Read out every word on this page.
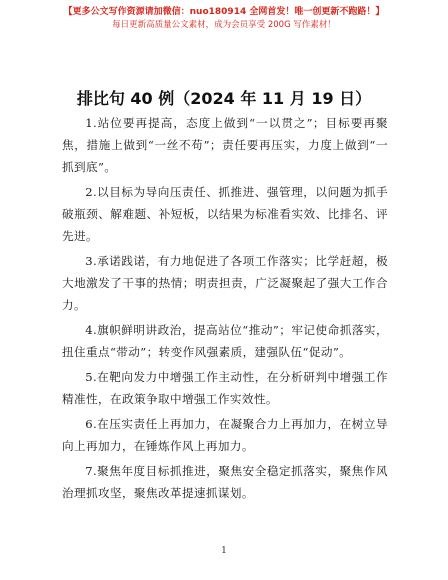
【更多公文写作资源请加微信：nuo180914 全网首发！唯一创更新不跑路！】
每日更新高质量公文素材，成为会员享受 200G 写作素材！
排比句 40 例（2024 年 11 月 19 日）

1.站位要再提高，态度上做到“一以贯之”；目标要再聚焦，措施上做到“一丝不苟”；责任要再压实，力度上做到“一抓到底”。

2.以目标为导向压责任、抓推进、强管理，以问题为抓手破瓶颈、解难题、补短板，以结果为标准看实效、比排名、评先进。

3.承诺践诺，有力地促进了各项工作落实；比学赶超，极大地激发了干事的热情；明责担责，广泛凝聚起了强大工作合力。

4.旗帜鲜明讲政治，提高站位“推动”；牢记使命抓落实，扭住重点“带动”；转变作风强素质，建强队伍“促动”。

5.在靶向发力中增强工作主动性，在分析研判中增强工作精准性，在政策争取中增强工作实效性。

6.在压实责任上再加力，在凝聚合力上再加力，在树立导向上再加力，在锤炼作风上再加力。

7.聚焦年度目标抓推进，聚焦安全稳定抓落实，聚焦作风治理抓攻坚，聚焦改革提速抓谋划。

1
